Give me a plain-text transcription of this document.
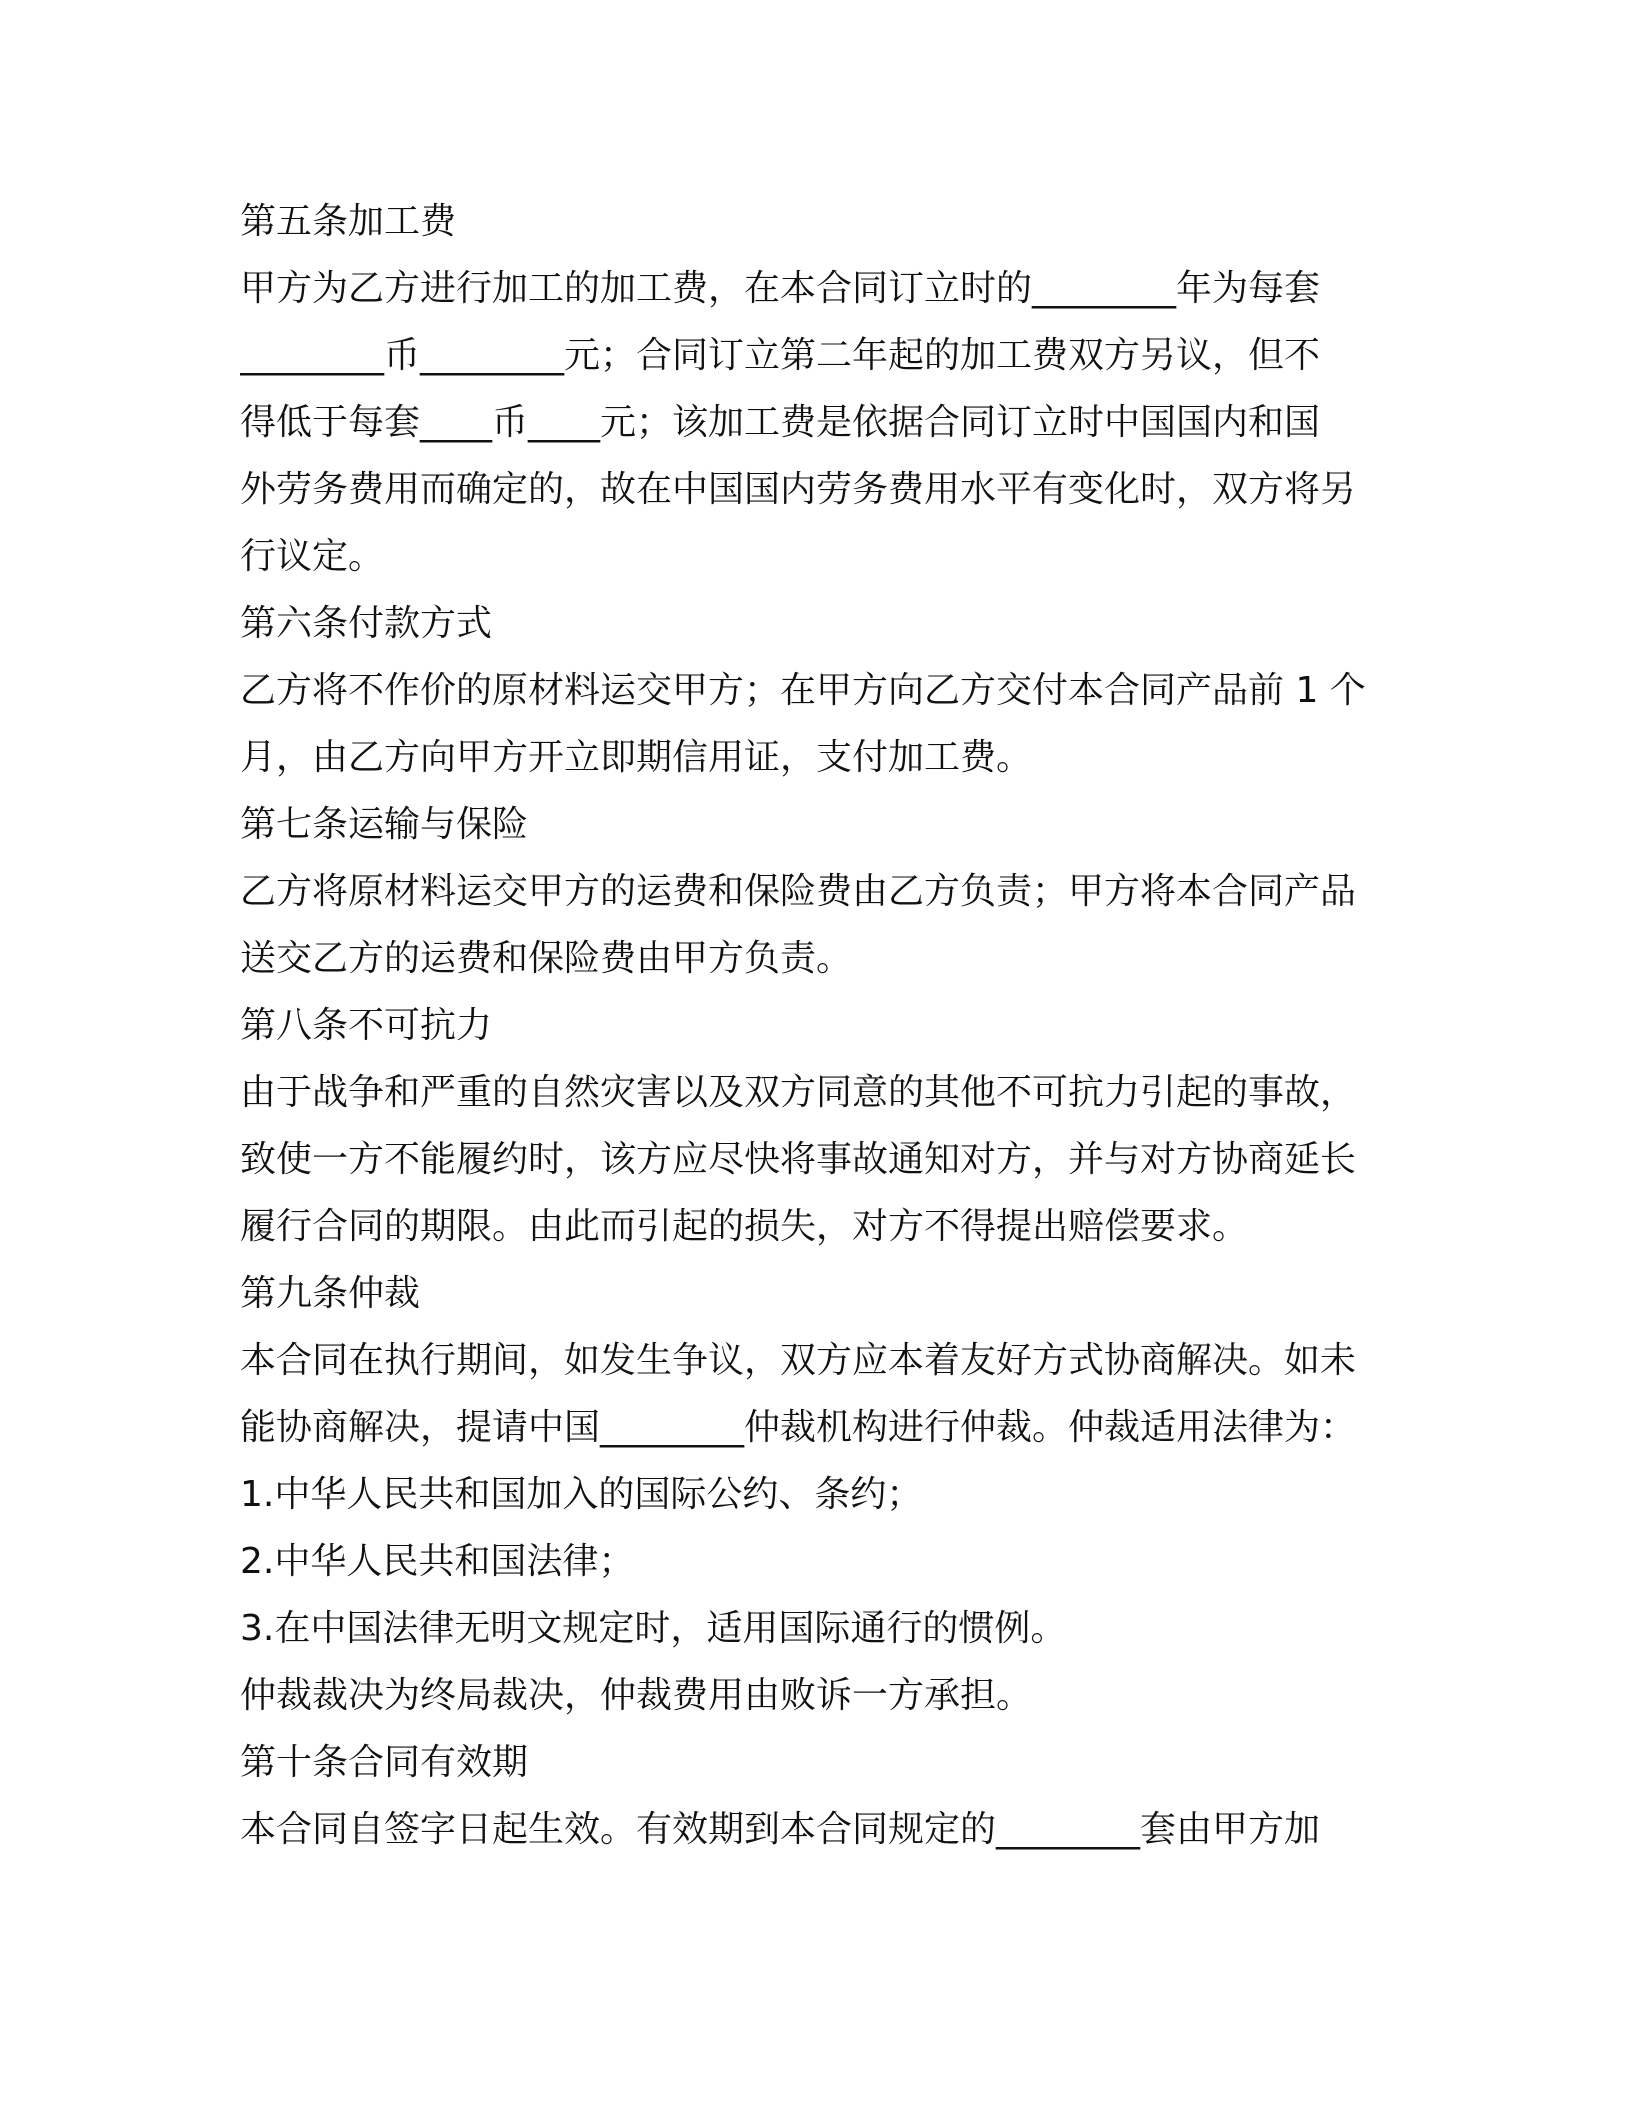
第五条加工费
甲方为乙方进行加工的加工费，在本合同订立时的________年为每套
________币________元；合同订立第二年起的加工费双方另议，但不
得低于每套____币____元；该加工费是依据合同订立时中国国内和国
外劳务费用而确定的，故在中国国内劳务费用水平有变化时，双方将另
行议定。
第六条付款方式
乙方将不作价的原材料运交甲方；在甲方向乙方交付本合同产品前 1 个
月，由乙方向甲方开立即期信用证，支付加工费。
第七条运输与保险
乙方将原材料运交甲方的运费和保险费由乙方负责；甲方将本合同产品
送交乙方的运费和保险费由甲方负责。
第八条不可抗力
由于战争和严重的自然灾害以及双方同意的其他不可抗力引起的事故，
致使一方不能履约时，该方应尽快将事故通知对方，并与对方协商延长
履行合同的期限。由此而引起的损失，对方不得提出赔偿要求。
第九条仲裁
本合同在执行期间，如发生争议，双方应本着友好方式协商解决。如未
能协商解决，提请中国________仲裁机构进行仲裁。仲裁适用法律为：
1.中华人民共和国加入的国际公约、条约；
2.中华人民共和国法律；
3.在中国法律无明文规定时，适用国际通行的惯例。
仲裁裁决为终局裁决，仲裁费用由败诉一方承担。
第十条合同有效期
本合同自签字日起生效。有效期到本合同规定的________套由甲方加
